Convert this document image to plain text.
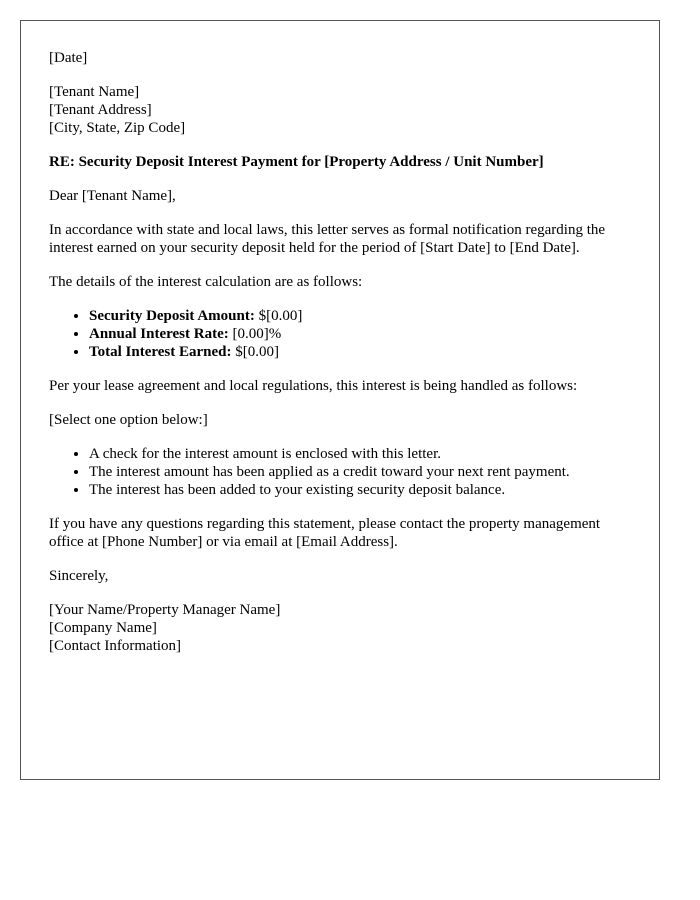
[Date]

[Tenant Name]
[Tenant Address]
[City, State, Zip Code]
RE: Security Deposit Interest Payment for [Property Address / Unit Number]

Dear [Tenant Name],

In accordance with state and local laws, this letter serves as formal notification regarding the interest earned on your security deposit held for the period of [Start Date] to [End Date].

The details of the interest calculation are as follows:

• Security Deposit Amount: $[0.00]
• Annual Interest Rate: [0.00]%
• Total Interest Earned: $[0.00]

Per your lease agreement and local regulations, this interest is being handled as follows:

[Select one option below:]

• A check for the interest amount is enclosed with this letter.
• The interest amount has been applied as a credit toward your next rent payment.
• The interest has been added to your existing security deposit balance.

If you have any questions regarding this statement, please contact the property management office at [Phone Number] or via email at [Email Address].

Sincerely,

[Your Name/Property Manager Name]
[Company Name]
[Contact Information]
